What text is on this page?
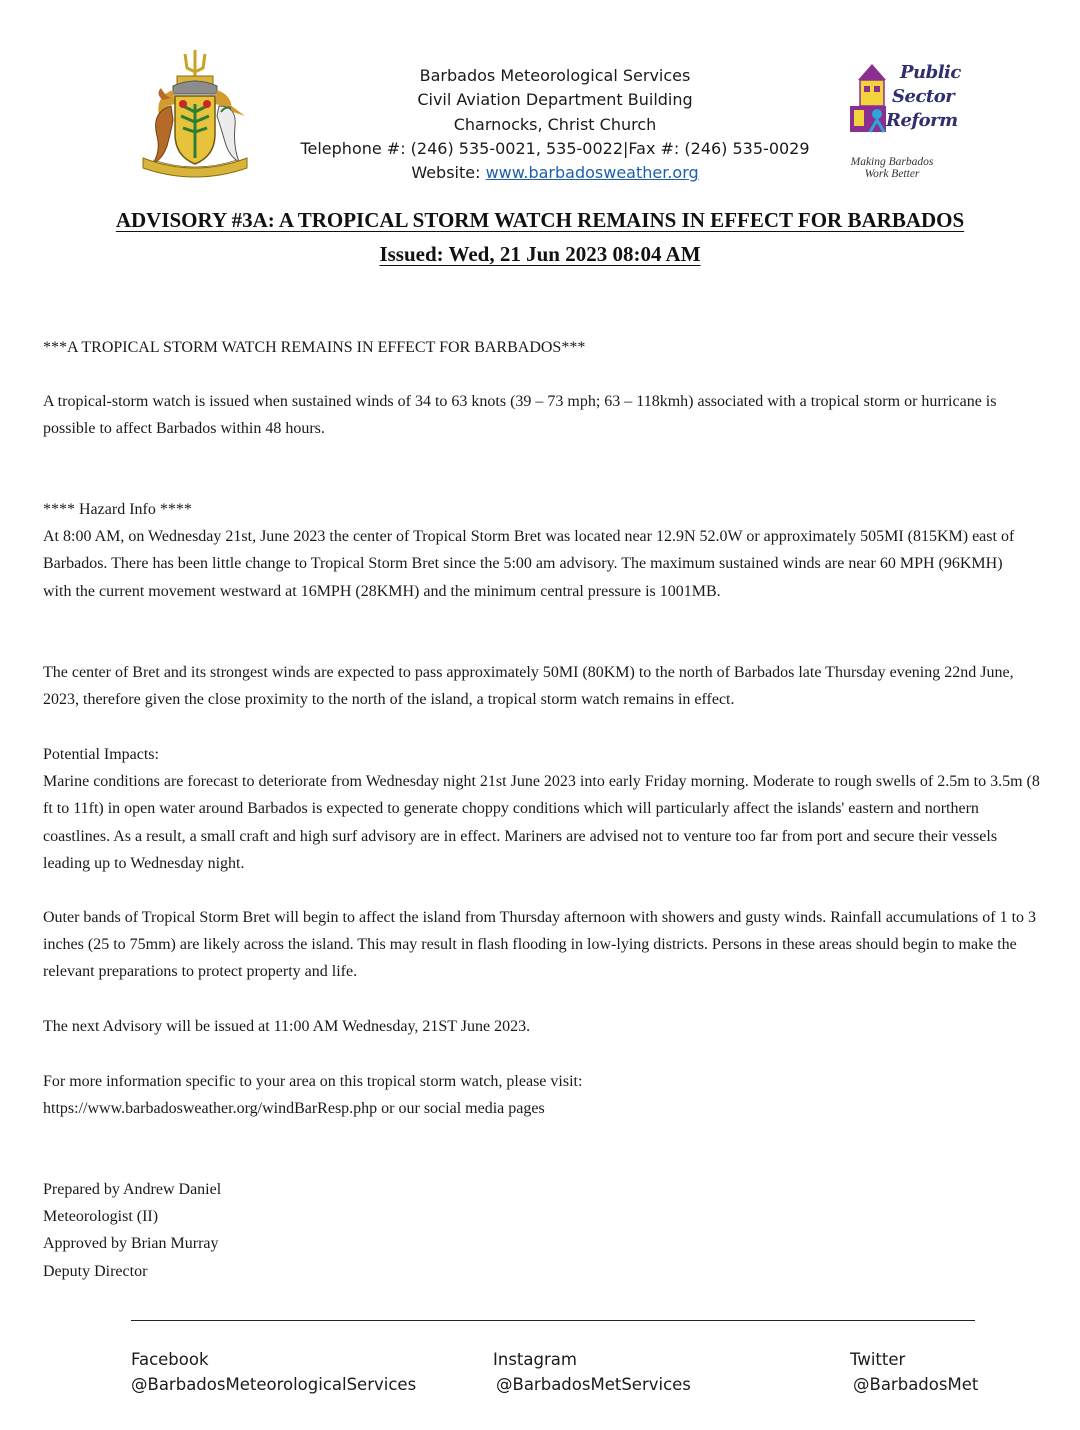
Barbados Meteorological Services
Civil Aviation Department Building
Charnocks, Christ Church
Telephone #: (246) 535-0021, 535-0022|Fax #: (246) 535-0029
Website: www.barbadosweather.org
Public
Sector
Reform
Making Barbados
Work Better
ADVISORY #3A: A TROPICAL STORM WATCH REMAINS IN EFFECT FOR BARBADOS
Issued: Wed, 21 Jun 2023 08:04 AM

***A TROPICAL STORM WATCH REMAINS IN EFFECT FOR BARBADOS***

A tropical-storm watch is issued when sustained winds of 34 to 63 knots (39 – 73 mph; 63 – 118kmh) associated with a tropical storm or hurricane is possible to affect Barbados within 48 hours.

**** Hazard Info ****

At 8:00 AM, on Wednesday 21st, June 2023 the center of Tropical Storm Bret was located near 12.9N 52.0W or approximately 505MI (815KM) east of Barbados. There has been little change to Tropical Storm Bret since the 5:00 am advisory. The maximum sustained winds are near 60 MPH (96KMH) with the current movement westward at 16MPH (28KMH) and the minimum central pressure is 1001MB.

The center of Bret and its strongest winds are expected to pass approximately 50MI (80KM) to the north of Barbados late Thursday evening 22nd June, 2023, therefore given the close proximity to the north of the island, a tropical storm watch remains in effect.

Potential Impacts:

Marine conditions are forecast to deteriorate from Wednesday night 21st June 2023 into early Friday morning. Moderate to rough swells of 2.5m to 3.5m (8 ft to 11ft) in open water around Barbados is expected to generate choppy conditions which will particularly affect the islands' eastern and northern coastlines. As a result, a small craft and high surf advisory are in effect. Mariners are advised not to venture too far from port and secure their vessels leading up to Wednesday night.

Outer bands of Tropical Storm Bret will begin to affect the island from Thursday afternoon with showers and gusty winds. Rainfall accumulations of 1 to 3 inches (25 to 75mm) are likely across the island. This may result in flash flooding in low-lying districts. Persons in these areas should begin to make the relevant preparations to protect property and life.

The next Advisory will be issued at 11:00 AM Wednesday, 21ST June 2023.

For more information specific to your area on this tropical storm watch, please visit:

https://www.barbadosweather.org/windBarResp.php or our social media pages

Prepared by Andrew Daniel

Meteorologist (II)

Approved by Brian Murray

Deputy Director

Facebook
@BarbadosMeteorologicalServices
Instagram
@BarbadosMetServices
Twitter
@BarbadosMet
